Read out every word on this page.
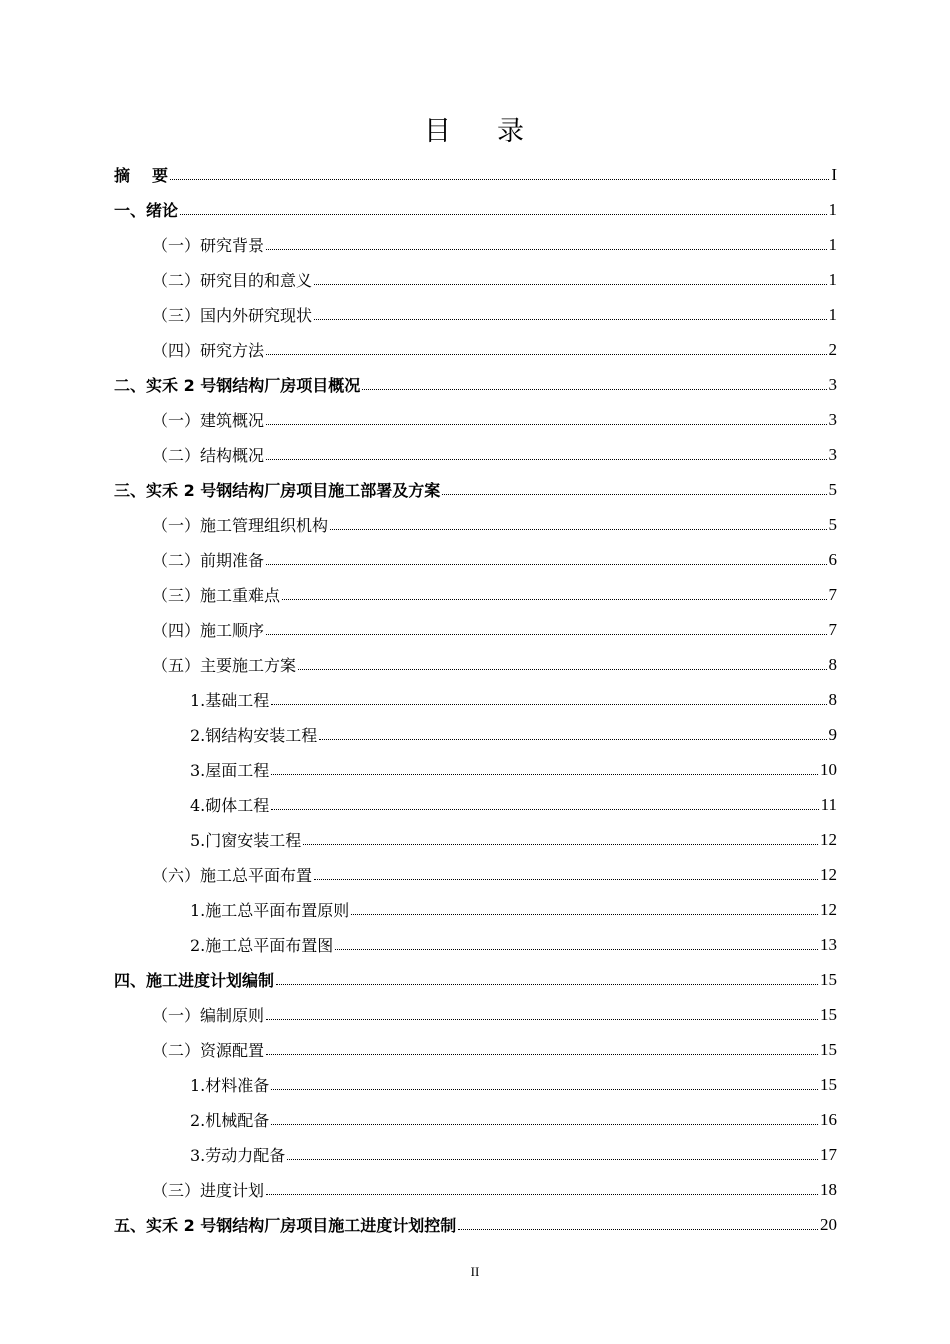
目 录
摘 要	I
一、绪论	1
（一）研究背景	1
（二）研究目的和意义	1
（三）国内外研究现状	1
（四）研究方法	2
二、实禾 2 号钢结构厂房项目概况	3
（一）建筑概况	3
（二）结构概况	3
三、实禾 2 号钢结构厂房项目施工部署及方案	5
（一）施工管理组织机构	5
（二）前期准备	6
（三）施工重难点	7
（四）施工顺序	7
（五）主要施工方案	8
1.基础工程	8
2.钢结构安装工程	9
3.屋面工程	10
4.砌体工程	11
5.门窗安装工程	12
（六）施工总平面布置	12
1.施工总平面布置原则	12
2.施工总平面布置图	13
四、施工进度计划编制	15
（一）编制原则	15
（二）资源配置	15
1.材料准备	15
2.机械配备	16
3.劳动力配备	17
（三）进度计划	18
五、实禾 2 号钢结构厂房项目施工进度计划控制	20
II
